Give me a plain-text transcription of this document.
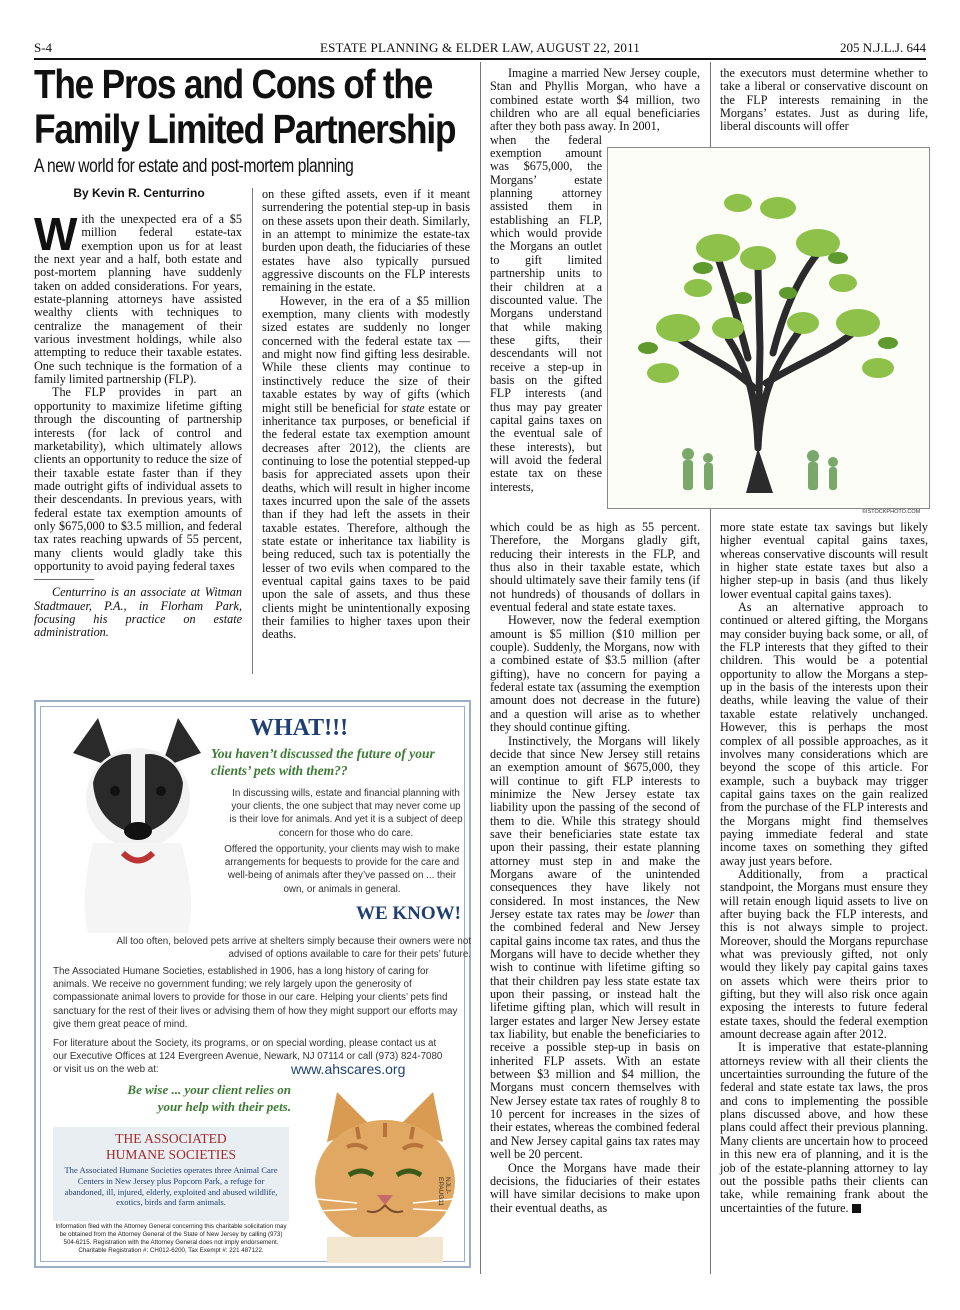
S-4	ESTATE PLANNING & ELDER LAW, AUGUST 22, 2011	205 N.J.L.J. 644
The Pros and Cons of the
Family Limited Partnership
A new world for estate and post-mortem planning
By Kevin R. Centurrino

With the unexpected era of a $5 million federal estate-tax exemption upon us for at least the next year and a half, both estate and post-mortem planning have suddenly taken on added considerations. For years, estate-planning attorneys have assisted wealthy clients with techniques to centralize the management of their various investment holdings, while also attempting to reduce their taxable estates. One such technique is the formation of a family limited partnership (FLP).

The FLP provides in part an opportunity to maximize lifetime gifting through the discounting of partnership interests (for lack of control and marketability), which ultimately allows clients an opportunity to reduce the size of their taxable estate faster than if they made outright gifts of individual assets to their descendants. In previous years, with federal estate tax exemption amounts of only $675,000 to $3.5 million, and federal tax rates reaching upwards of 55 percent, many clients would gladly take this opportunity to avoid paying federal taxes

Centurrino is an associate at Witman Stadtmauer, P.A., in Florham Park, focusing his practice on estate administration.

on these gifted assets, even if it meant surrendering the potential step-up in basis on these assets upon their death. Similarly, in an attempt to minimize the estate-tax burden upon death, the fiduciaries of these estates have also typically pursued aggressive discounts on the FLP interests remaining in the estate.

However, in the era of a $5 million exemption, many clients with modestly sized estates are suddenly no longer concerned with the federal estate tax — and might now find gifting less desirable. While these clients may continue to instinctively reduce the size of their taxable estates by way of gifts (which might still be beneficial for state estate or inheritance tax purposes, or beneficial if the federal estate tax exemption amount decreases after 2012), the clients are continuing to lose the potential stepped-up basis for appreciated assets upon their deaths, which will result in higher income taxes incurred upon the sale of the assets than if they had left the assets in their taxable estates. Therefore, although the state estate or inheritance tax liability is being reduced, such tax is potentially the lesser of two evils when compared to the eventual capital gains taxes to be paid upon the sale of assets, and thus these clients might be unintentionally exposing their families to higher taxes upon their deaths.

Imagine a married New Jersey couple, Stan and Phyllis Morgan, who have a combined estate worth $4 million, two children who are all equal beneficiaries after they both pass away. In 2001,

when the federal exemption amount was $675,000, the Morgans’ estate planning attorney assisted them in establishing an FLP, which would provide the Morgans an outlet to gift limited partnership units to their children at a discounted value. The Morgans understand that while making these gifts, their descendants will not receive a step-up in basis on the gifted FLP interests (and thus may pay greater capital gains taxes on the eventual sale of these interests), but will avoid the federal estate tax on these interests,

the executors must determine whether to take a liberal or conservative discount on the FLP interests remaining in the Morgans’ estates. Just as during life, liberal discounts will offer

©ISTOCKPHOTO.COM

which could be as high as 55 percent. Therefore, the Morgans gladly gift, reducing their interests in the FLP, and thus also in their taxable estate, which should ultimately save their family tens (if not hundreds) of thousands of dollars in eventual federal and state estate taxes.

However, now the federal exemption amount is $5 million ($10 million per couple). Suddenly, the Morgans, now with a combined estate of $3.5 million (after gifting), have no concern for paying a federal estate tax (assuming the exemption amount does not decrease in the future) and a question will arise as to whether they should continue gifting.

Instinctively, the Morgans will likely decide that since New Jersey still retains an exemption amount of $675,000, they will continue to gift FLP interests to minimize the New Jersey estate tax liability upon the passing of the second of them to die. While this strategy should save their beneficiaries state estate tax upon their passing, their estate planning attorney must step in and make the Morgans aware of the unintended consequences they have likely not considered. In most instances, the New Jersey estate tax rates may be lower than the combined federal and New Jersey capital gains income tax rates, and thus the Morgans will have to decide whether they wish to continue with lifetime gifting so that their children pay less state estate tax upon their passing, or instead halt the lifetime gifting plan, which will result in larger estates and larger New Jersey estate tax liability, but enable the beneficiaries to receive a possible step-up in basis on inherited FLP assets. With an estate between $3 million and $4 million, the Morgans must concern themselves with New Jersey estate tax rates of roughly 8 to 10 percent for increases in the sizes of their estates, whereas the combined federal and New Jersey capital gains tax rates may well be 20 percent.

Once the Morgans have made their decisions, the fiduciaries of their estates will have similar decisions to make upon their eventual deaths, as

more state estate tax savings but likely higher eventual capital gains taxes, whereas conservative discounts will result in higher state estate taxes but also a higher step-up in basis (and thus likely lower eventual capital gains taxes).

As an alternative approach to continued or altered gifting, the Morgans may consider buying back some, or all, of the FLP interests that they gifted to their children. This would be a potential opportunity to allow the Morgans a step-up in the basis of the interests upon their deaths, while leaving the value of their taxable estate relatively unchanged. However, this is perhaps the most complex of all possible approaches, as it involves many considerations which are beyond the scope of this article. For example, such a buyback may trigger capital gains taxes on the gain realized from the purchase of the FLP interests and the Morgans might find themselves paying immediate federal and state income taxes on something they gifted away just years before.

Additionally, from a practical standpoint, the Morgans must ensure they will retain enough liquid assets to live on after buying back the FLP interests, and this is not always simple to project. Moreover, should the Morgans repurchase what was previously gifted, not only would they likely pay capital gains taxes on assets which were theirs prior to gifting, but they will also risk once again exposing the interests to future federal estate taxes, should the federal exemption amount decrease again after 2012.

It is imperative that estate-planning attorneys review with all their clients the uncertainties surrounding the future of the federal and state estate tax laws, the pros and cons to implementing the possible plans discussed above, and how these plans could affect their previous planning. Many clients are uncertain how to proceed in this new era of planning, and it is the job of the estate-planning attorney to lay out the possible paths their clients can take, while remaining frank about the uncertainties of the future.

WHAT!!!
You haven’t discussed the future of your clients’ pets with them??
In discussing wills, estate and financial planning with your clients, the one subject that may never come up is their love for animals. And yet it is a subject of deep concern for those who do care.
Offered the opportunity, your clients may wish to make arrangements for bequests to provide for the care and well-being of animals after they’ve passed on ... their own, or animals in general.
WE KNOW!
All too often, beloved pets arrive at shelters simply because their owners were not advised of options available to care for their pets’ future.
The Associated Humane Societies, established in 1906, has a long history of caring for animals. We receive no government funding; we rely largely upon the generosity of compassionate animal lovers to provide for those in our care. Helping your clients’ pets find sanctuary for the rest of their lives or advising them of how they might support our efforts may give them great peace of mind.
For literature about the Society, its programs, or on special wording, please contact us at our Executive Offices at 124 Evergreen Avenue, Newark, NJ 07114 or call (973) 824-7080 or visit us on the web at:	www.ahscares.org
Be wise ... your client relies on your help with their pets.
THE ASSOCIATED
HUMANE SOCIETIES
The Associated Humane Societies operates three Animal Care Centers in New Jersey plus Popcorn Park, a refuge for abandoned, ill, injured, elderly, exploited and abused wildlife, exotics, birds and farm animals.
Information filed with the Attorney General concerning this charitable solicitation may be obtained from the Attorney General of the State of New Jersey by calling (973) 504-6215. Registration with the Attorney General does not imply endorsement. Charitable Registration #: CH012-6200, Tax Exempt #: 221 487122.
NJLJ-EPAUG11
